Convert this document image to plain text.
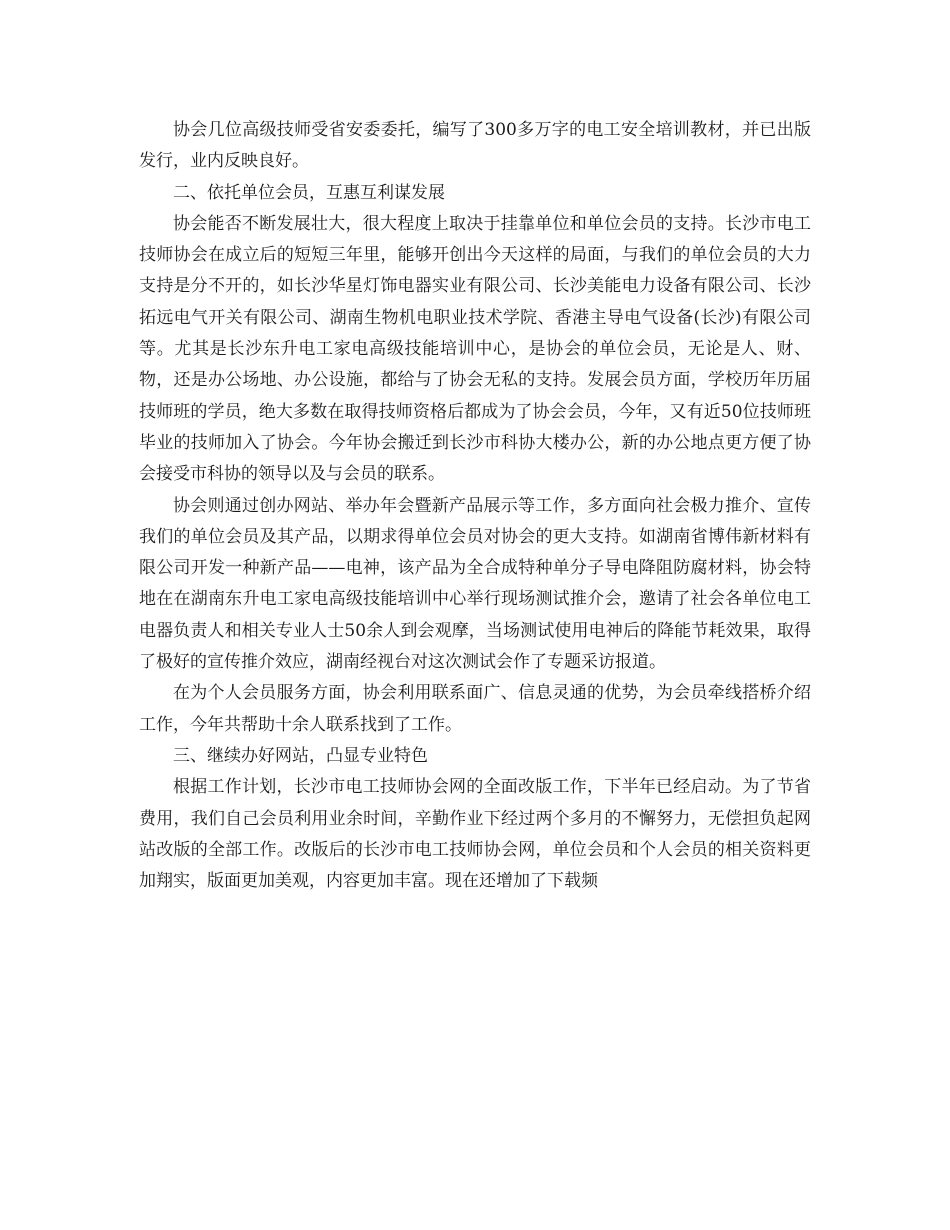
协会几位高级技师受省安委委托，编写了300多万字的电工安全培训教材，并已出版发行，业内反映良好。

二、依托单位会员，互惠互利谋发展

协会能否不断发展壮大，很大程度上取决于挂靠单位和单位会员的支持。长沙市电工技师协会在成立后的短短三年里，能够开创出今天这样的局面，与我们的单位会员的大力支持是分不开的，如长沙华星灯饰电器实业有限公司、长沙美能电力设备有限公司、长沙拓远电气开关有限公司、湖南生物机电职业技术学院、香港主导电气设备(长沙)有限公司等。尤其是长沙东升电工家电高级技能培训中心，是协会的单位会员，无论是人、财、物，还是办公场地、办公设施，都给与了协会无私的支持。发展会员方面，学校历年历届技师班的学员，绝大多数在取得技师资格后都成为了协会会员，今年，又有近50位技师班毕业的技师加入了协会。今年协会搬迁到长沙市科协大楼办公，新的办公地点更方便了协会接受市科协的领导以及与会员的联系。

协会则通过创办网站、举办年会暨新产品展示等工作，多方面向社会极力推介、宣传我们的单位会员及其产品，以期求得单位会员对协会的更大支持。如湖南省博伟新材料有限公司开发一种新产品——电神，该产品为全合成特种单分子导电降阻防腐材料，协会特地在在湖南东升电工家电高级技能培训中心举行现场测试推介会，邀请了社会各单位电工电器负责人和相关专业人士50余人到会观摩，当场测试使用电神后的降能节耗效果，取得了极好的宣传推介效应，湖南经视台对这次测试会作了专题采访报道。

在为个人会员服务方面，协会利用联系面广、信息灵通的优势，为会员牵线搭桥介绍工作，今年共帮助十余人联系找到了工作。

三、继续办好网站，凸显专业特色

根据工作计划，长沙市电工技师协会网的全面改版工作，下半年已经启动。为了节省费用，我们自己会员利用业余时间，辛勤作业下经过两个多月的不懈努力，无偿担负起网站改版的全部工作。改版后的长沙市电工技师协会网，单位会员和个人会员的相关资料更加翔实，版面更加美观，内容更加丰富。现在还增加了下载频
